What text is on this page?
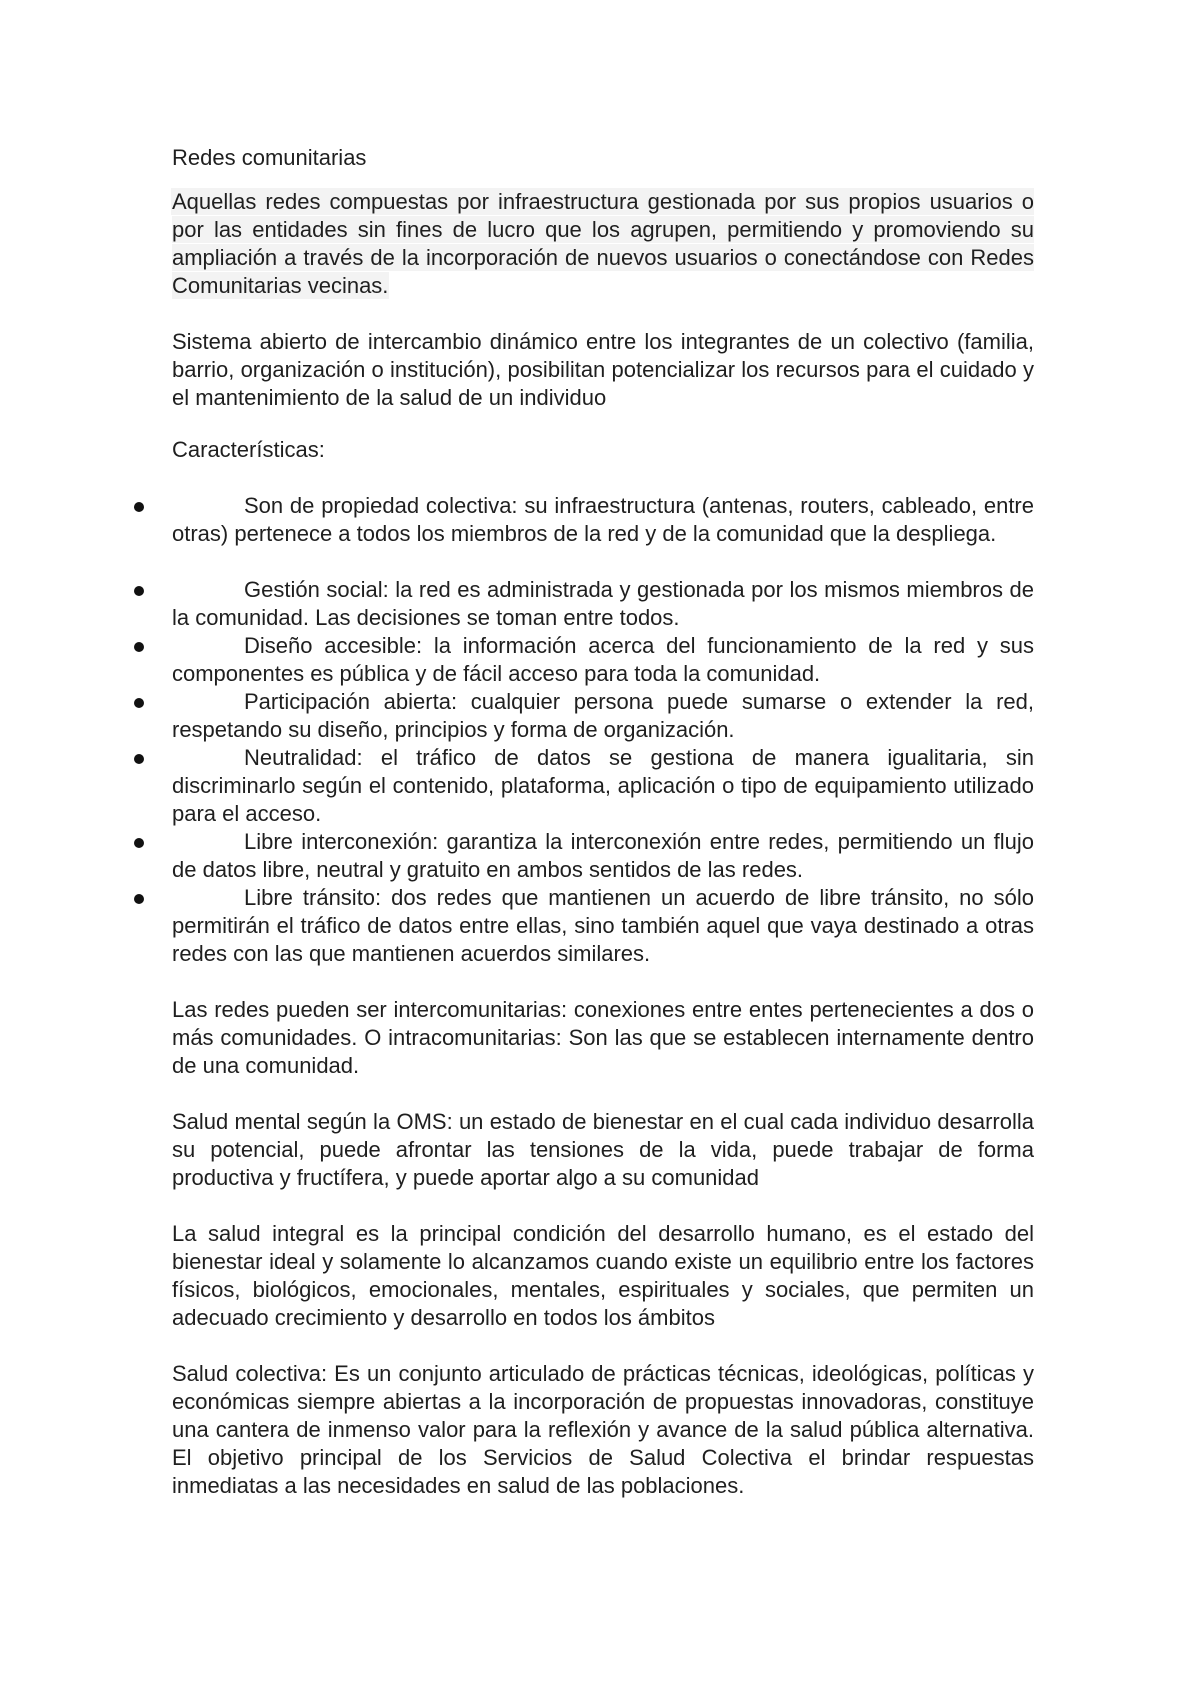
Redes comunitarias

Aquellas redes compuestas por infraestructura gestionada por sus propios usuarios o por las entidades sin fines de lucro que los agrupen, permitiendo y promoviendo su ampliación a través de la incorporación de nuevos usuarios o conectándose con Redes Comunitarias vecinas.

Sistema abierto de intercambio dinámico entre los integrantes de un colectivo (familia, barrio, organización o institución), posibilitan potencializar los recursos para el cuidado y el mantenimiento de la salud de un individuo

Características:

Son de propiedad colectiva: su infraestructura (antenas, routers, cableado, entre otras) pertenece a todos los miembros de la red y de la comunidad que la despliega.

Gestión social: la red es administrada y gestionada por los mismos miembros de la comunidad. Las decisiones se toman entre todos.

Diseño accesible: la información acerca del funcionamiento de la red y sus componentes es pública y de fácil acceso para toda la comunidad.

Participación abierta: cualquier persona puede sumarse o extender la red, respetando su diseño, principios y forma de organización.

Neutralidad: el tráfico de datos se gestiona de manera igualitaria, sin discriminarlo según el contenido, plataforma, aplicación o tipo de equipamiento utilizado para el acceso.

Libre interconexión: garantiza la interconexión entre redes, permitiendo un flujo de datos libre, neutral y gratuito en ambos sentidos de las redes.

Libre tránsito: dos redes que mantienen un acuerdo de libre tránsito, no sólo permitirán el tráfico de datos entre ellas, sino también aquel que vaya destinado a otras redes con las que mantienen acuerdos similares.

Las redes pueden ser intercomunitarias: conexiones entre entes pertenecientes a dos o más comunidades. O intracomunitarias: Son las que se establecen internamente dentro de una comunidad.

Salud mental según la OMS: un estado de bienestar en el cual cada individuo desarrolla su potencial, puede afrontar las tensiones de la vida, puede trabajar de forma productiva y fructífera, y puede aportar algo a su comunidad

La salud integral es la principal condición del desarrollo humano, es el estado del bienestar ideal y solamente lo alcanzamos cuando existe un equilibrio entre los factores físicos, biológicos, emocionales, mentales, espirituales y sociales, que permiten un adecuado crecimiento y desarrollo en todos los ámbitos

Salud colectiva: Es un conjunto articulado de prácticas técnicas, ideológicas, políticas y económicas siempre abiertas a la incorporación de propuestas innovadoras, constituye una cantera de inmenso valor para la reflexión y avance de la salud pública alternativa. El objetivo principal de los Servicios de Salud Colectiva el brindar respuestas inmediatas a las necesidades en salud de las poblaciones.
